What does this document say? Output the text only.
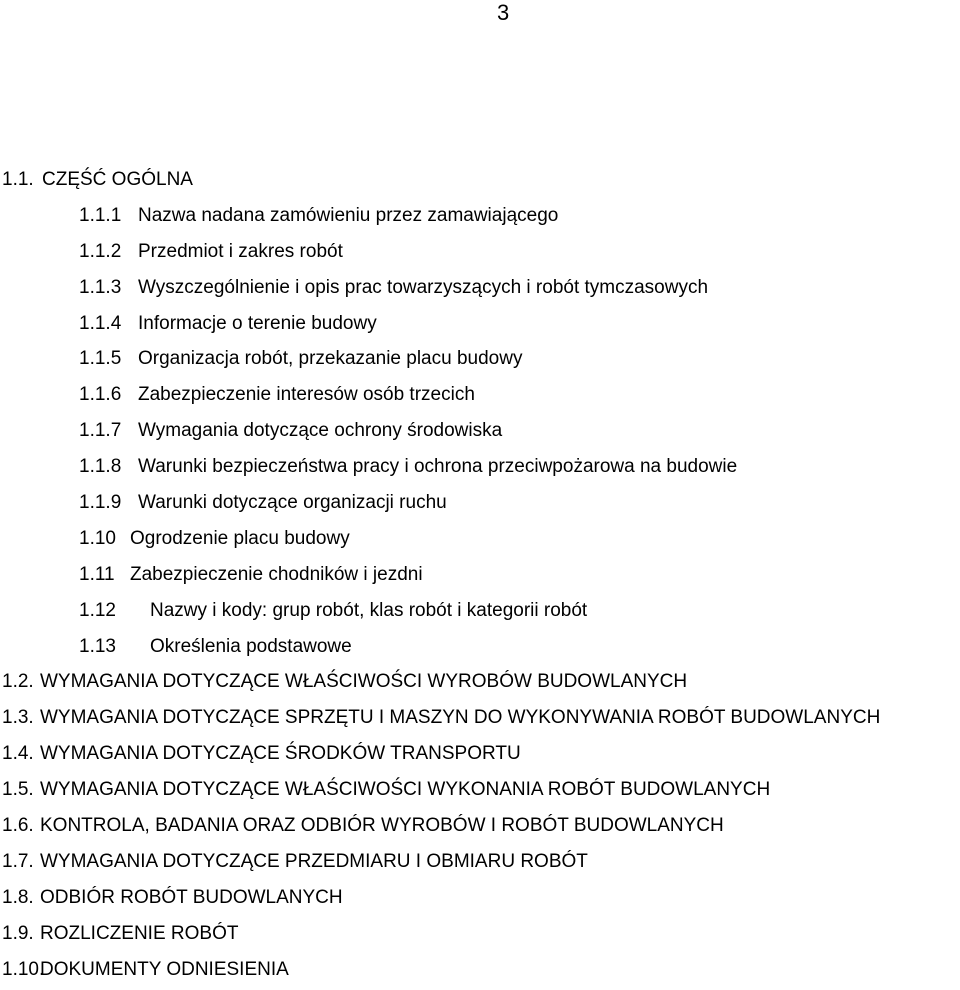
3
1.1. CZĘŚĆ OGÓLNA
1.1.1 Nazwa nadana zamówieniu przez zamawiającego
1.1.2 Przedmiot i zakres robót
1.1.3 Wyszczególnienie i opis prac towarzyszących i robót tymczasowych
1.1.4 Informacje o terenie budowy
1.1.5 Organizacja robót, przekazanie placu budowy
1.1.6 Zabezpieczenie interesów osób trzecich
1.1.7 Wymagania dotyczące ochrony środowiska
1.1.8 Warunki bezpieczeństwa pracy i ochrona przeciwpożarowa na budowie
1.1.9 Warunki dotyczące organizacji ruchu
1.10 Ogrodzenie placu budowy
1.11 Zabezpieczenie chodników i jezdni
1.12 Nazwy i kody: grup robót, klas robót i kategorii robót
1.13 Określenia podstawowe
1.2. WYMAGANIA DOTYCZĄCE WŁAŚCIWOŚCI WYROBÓW BUDOWLANYCH
1.3. WYMAGANIA DOTYCZĄCE SPRZĘTU I MASZYN DO WYKONYWANIA ROBÓT BUDOWLANYCH
1.4. WYMAGANIA DOTYCZĄCE ŚRODKÓW TRANSPORTU
1.5. WYMAGANIA DOTYCZĄCE WŁAŚCIWOŚCI WYKONANIA ROBÓT BUDOWLANYCH
1.6. KONTROLA, BADANIA ORAZ ODBIÓR WYROBÓW I ROBÓT BUDOWLANYCH
1.7. WYMAGANIA DOTYCZĄCE PRZEDMIARU I OBMIARU ROBÓT
1.8. ODBIÓR ROBÓT BUDOWLANYCH
1.9. ROZLICZENIE ROBÓT
1.10.
DOKUMENTY ODNIESIENIA
